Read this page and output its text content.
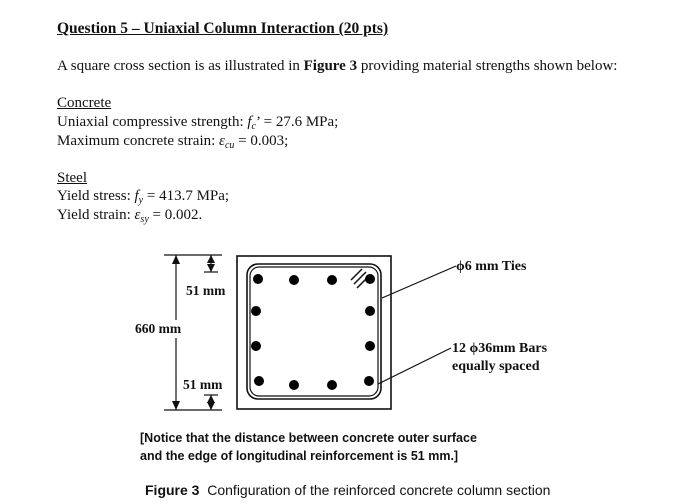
Question 5 – Uniaxial Column Interaction (20 pts)
A square cross section is as illustrated in Figure 3 providing material strengths shown below:
Concrete
Uniaxial compressive strength: $f_c$’ = 27.6 MPa;
Maximum concrete strain: $\varepsilon_{cu} = 0.003$;
Steel
Yield stress: $f_y = 413.7$ MPa;
Yield strain: $\varepsilon_{sy} = 0.002$.
51 mm
660 mm
51 mm
ϕ6 mm Ties
12 ϕ36mm Bars
equally spaced
[Notice that the distance between concrete outer surface
and the edge of longitudinal reinforcement is 51 mm.]
Figure 3  Configuration of the reinforced concrete column section
